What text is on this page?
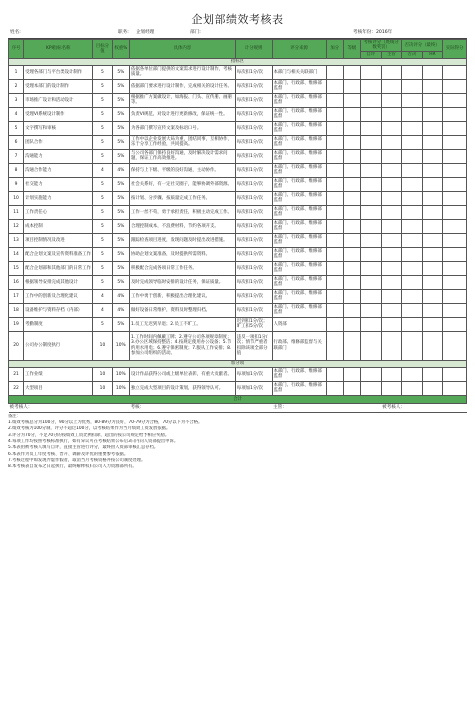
企划部绩效考核表
姓名:	职务: 企划经理	部门:	考核年份：2016年
序号	KPI指标名称	目标分值	权重%	具体内容	计分规则	评分来源	加分	等级	考核评分（底线分数奖罚）		否决评分（最终）		实际得分
									自评	主管	否决	HR	
指标区													
1	受理各部门与平台类设计制作	5	5%	依据各单位部门提供的文案需求进行设计制作，考核质量。	每次扣1分/次	本部门与相关关联部门							
2	受理本部门的设计制作	5	5%	依据部门要求进行设计制作，完成相关的设计任务。	每次扣1分/次	本部门、行政部、维修部监督							
3	市场推广设计和活动设计	5	5%	根据推广方案做设计，如海报、门头、宣传册、画册等。	每次扣1分/次	本部门、行政部、维修部监督							
4	受理VI系统设计制作	5	5%	负责VI规范，对设计进行更新修改，保证统一性。	每次扣1分/次	本部门、行政部、维修部监督							
5	文字撰写和审核	5	5%	为各部门撰写宣传文案及标语口号。	每次扣1分/次	本部门、行政部、维修部监督							
6	团队合作	5	5%	工作中以企业发展大局为重，团结同事，互相协作，乐于分享工作经验，共同提高。	每次扣1分/次	本部门、行政部、维修部监督							
7	沟通能力	5	5%	与公司各部门保持良好沟通，及时解决设计需求问题，保证工作高效推进。	每次扣1分/次	本部门、行政部、维修部监督							
8	沟通合作能力	4	4%	保持与上下级、平级的良好沟通，主动协作。	每次扣1分/次	本部门、行政部、维修部监督							
9	社交能力	5	5%	社会关系好，有一定社交圈子，能够协调外部资源。	每次扣1分/次	本部门、行政部、维修部监督							
10	计划实施能力	5	5%	按计划、分步骤、按质量完成工作任务。	每次扣1分/次	本部门、行政部、维修部监督							
11	工作责任心	5	5%	工作一丝不苟，勇于承担责任，积极主动完成工作。	每次扣1分/次	本部门、行政部、维修部监督							
12	成本控制	5	5%	合理控制成本，不浪费材料，节约各项开支。	每次扣1分/次	本部门、行政部、维修部监督							
13	项目控制情况及改进	5	5%	跟踪检查项目进度，发现问题及时提出改进措施。	每次扣1分/次	本部门、行政部、维修部监督							
14	配合企划文案及宣传资料准备工作	5	5%	协助企划文案准备，及时提供所需资料。	每次扣1分/次	本部门、行政部、维修部监督							
15	配合企划部和其他部门的日常工作	5	5%	积极配合完成各项日常工作任务。	每次扣1分/次	本部门、行政部、维修部监督							
16	根据领导安排完成其他设计	5	5%	及时完成领导临时安排的设计任务，保证质量。	每次扣1分/次	本部门、行政部、维修部监督							
17	工作中的创新及合理化建议	4	4%	工作中勇于创新，积极提出合理化建议。	每次扣1分/次	本部门、行政部、维修部监督							
18	设备维护与资料存档（内部）	4	4%	做好设备日常维护，资料及时整理归档。	每次扣1分/次	本部门、行政部、维修部监督							
19	考勤制度	5	5%	1.员工无迟到早退；2.员工不旷工。	迟到扣1分/次；旷工扣5分/次	人资部							
20	公司办公制度执行	10	10%	1.工作时间内佩戴工牌；2.遵守公司各项规章制度；3.办公区域保持整洁；4.按规定使用办公设备；5.节约用水用电；6.遵守保密制度；7.服从工作安排；8.参加公司组织的活动。	违反一项扣1分/次；情节严重者扣除该项全部分值	行政部、维修部监督与关联部门							
加分项													
21	工作业绩	10	10%	设计作品获得公司或上级单位表彰，有重大贡献者。	每项加1分/次	本部门、行政部、维修部监督							
22	大型项目	10	10%	独立完成大型项目的设计策划，获得领导认可。	每项加1分/次	本部门、行政部、维修部监督							
合计													
被考核人：				考核：		主管：				被考核人：			
备注：
1.绩效考核总分为100分，90分以上为优秀，80-89分为良好，70-79分为合格，70分以下为不合格。
2.绩效考核为100分制，评分不超过100分，以考核结果作为当月绩效工资发放依据。
3.评分为70分，不足70分的按绩效工资比例扣除，超出的按公司规定给予相应奖励。
4.每项工作均按照考核标准执行，如有异议可在考核结果公布后3日内向人资部提出申诉。
5.本表由被考核人填写自评，直接主管进行评分，最终由人资部审核汇总存档。
6.本表作为员工年度考核、晋升、调薪及评优的重要参考依据。
7.考核过程中如发现弄虚作假者，取消当月考核资格并按公司制度处理。
8.本考核表自发布之日起执行，最终解释权归公司人力资源部所有。
